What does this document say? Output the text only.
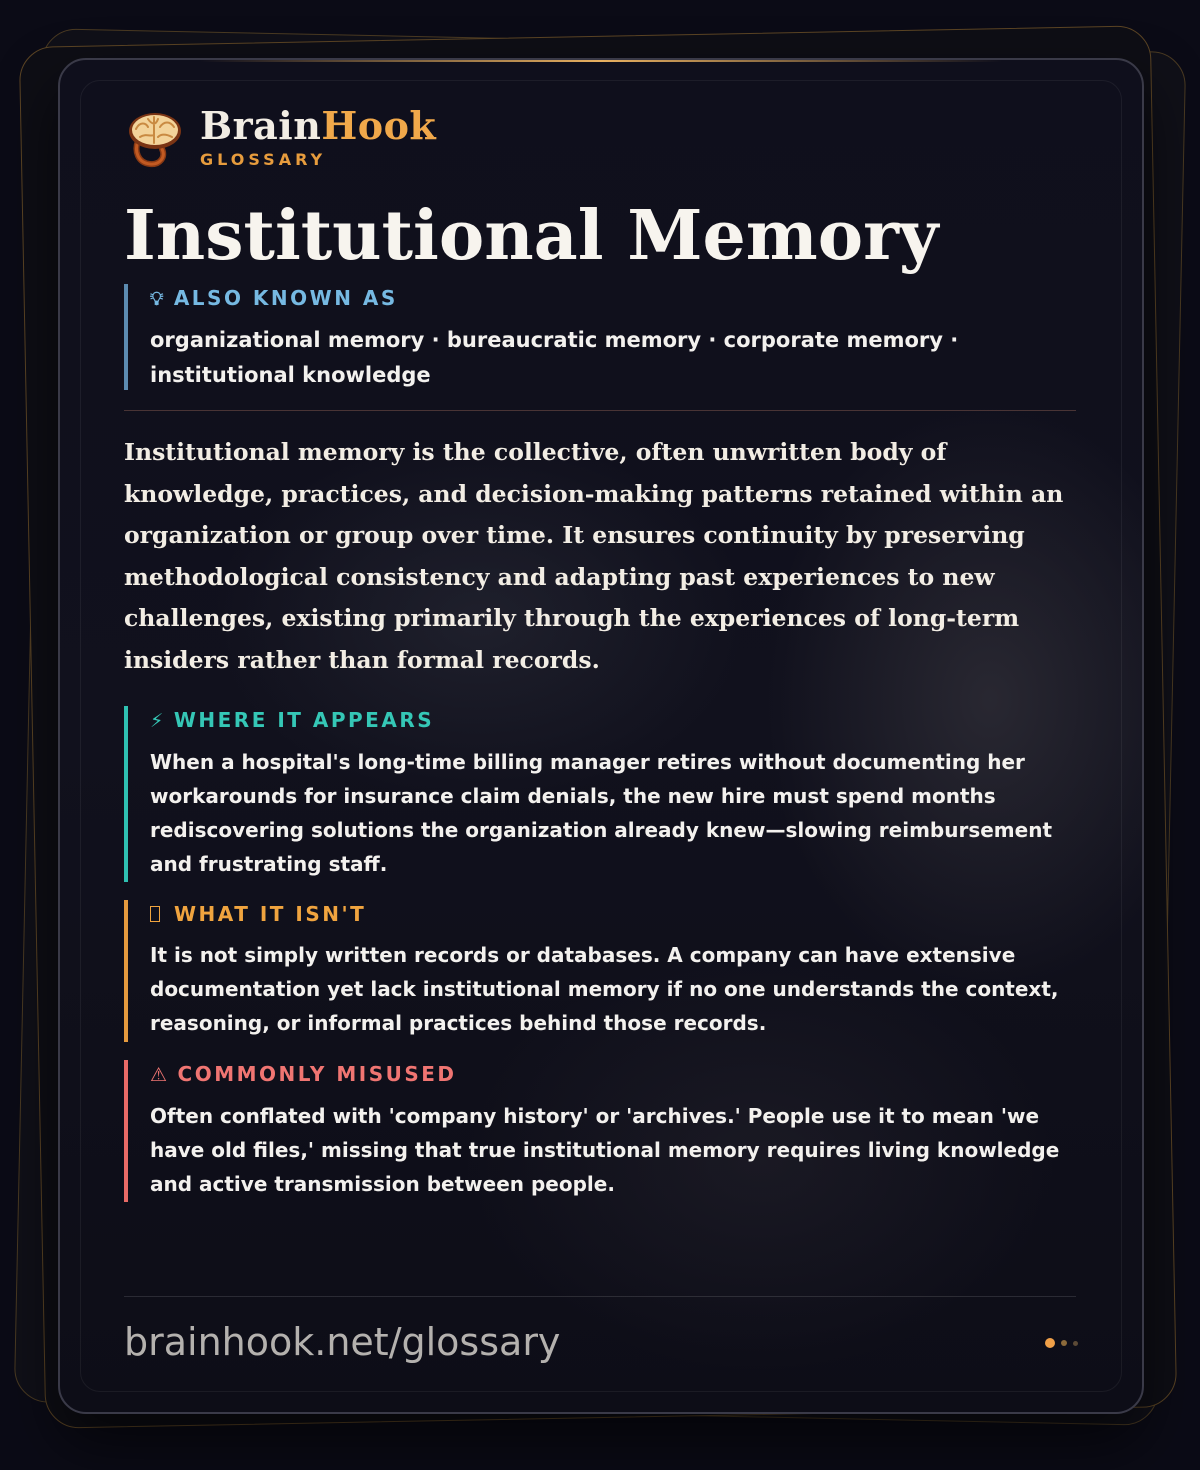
BrainHook
GLOSSARY
Institutional Memory
💡︎ ALSO KNOWN AS
organizational memory · bureaucratic memory · corporate memory · institutional knowledge

Institutional memory is the collective, often unwritten body of knowledge, practices, and decision-making patterns retained within an organization or group over time. It ensures continuity by preserving methodological consistency and adapting past experiences to new challenges, existing primarily through the experiences of long-term insiders rather than formal records.

⚡︎ WHERE IT APPEARS
When a hospital's long-time billing manager retires without documenting her workarounds for insurance claim denials, the new hire must spend months rediscovering solutions the organization already knew—slowing reimbursement and frustrating staff.
WHAT IT ISN'T
It is not simply written records or databases. A company can have extensive documentation yet lack institutional memory if no one understands the context, reasoning, or informal practices behind those records.
⚠︎ COMMONLY MISUSED
Often conflated with 'company history' or 'archives.' People use it to mean 'we have old files,' missing that true institutional memory requires living knowledge and active transmission between people.
brainhook.net/glossary
